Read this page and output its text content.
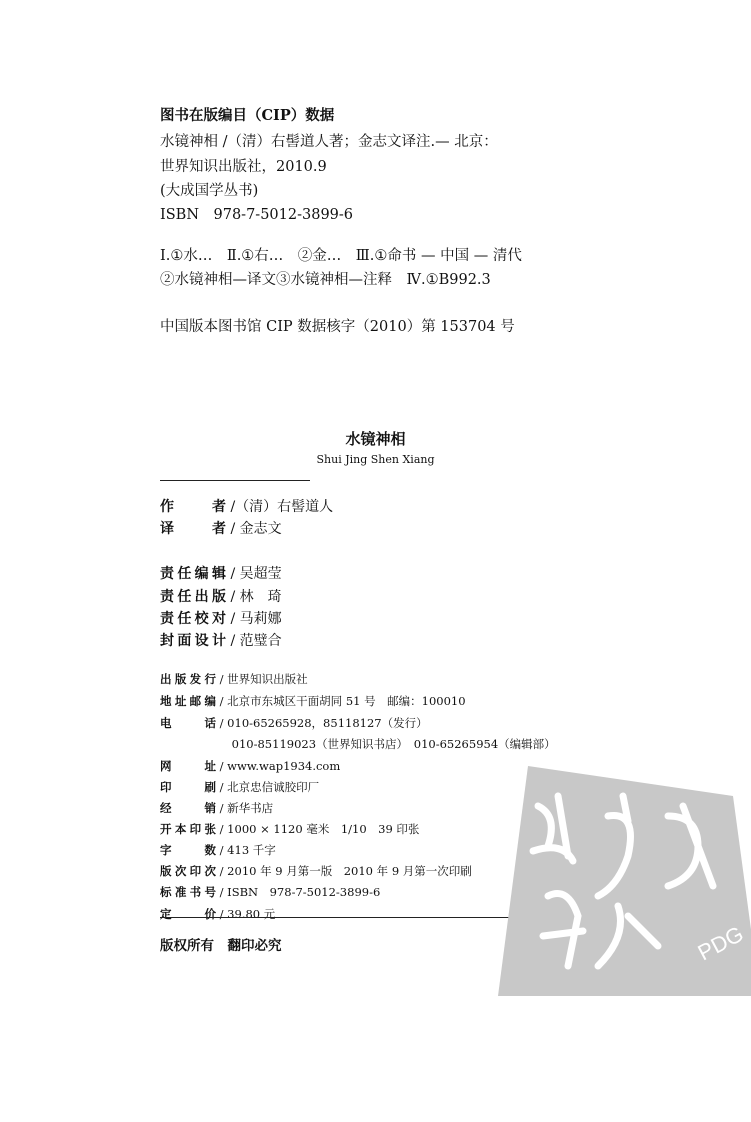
图书在版编目（CIP）数据
水镜神相 /（清）右髻道人著；金志文译注.— 北京：
世界知识出版社，2010.9
(大成国学丛书)
ISBN　978-7-5012-3899-6
Ⅰ.①水…　Ⅱ.①右…　②金…　Ⅲ.①命书 — 中国 — 清代
②水镜神相—译文③水镜神相—注释　Ⅳ.①B992.3
中国版本图书馆 CIP 数据核字（2010）第 153704 号
水镜神相
Shui Jing Shen Xiang
作者 /（清）右髻道人
译者 / 金志文
责任编辑 / 吴超莹
责任出版 / 林　琦
责任校对 / 马莉娜
封面设计 / 范璧合
出版发行 / 世界知识出版社
地址邮编 / 北京市东城区干面胡同 51 号　邮编：100010
电话 / 010-65265928，85118127（发行）
010-85119023（世界知识书店）　010-65265954（编辑部）
网址 / www.wap1934.com
印刷 / 北京忠信诚胶印厂
经销 / 新华书店
开本印张 / 1000 × 1120 毫米　1/10　39 印张
字数 / 413 千字
版次印次 / 2010 年 9 月第一版　2010 年 9 月第一次印刷
标准书号 / ISBN　978-7-5012-3899-6
定价 / 39.80 元
版权所有　翻印必究	PDG
